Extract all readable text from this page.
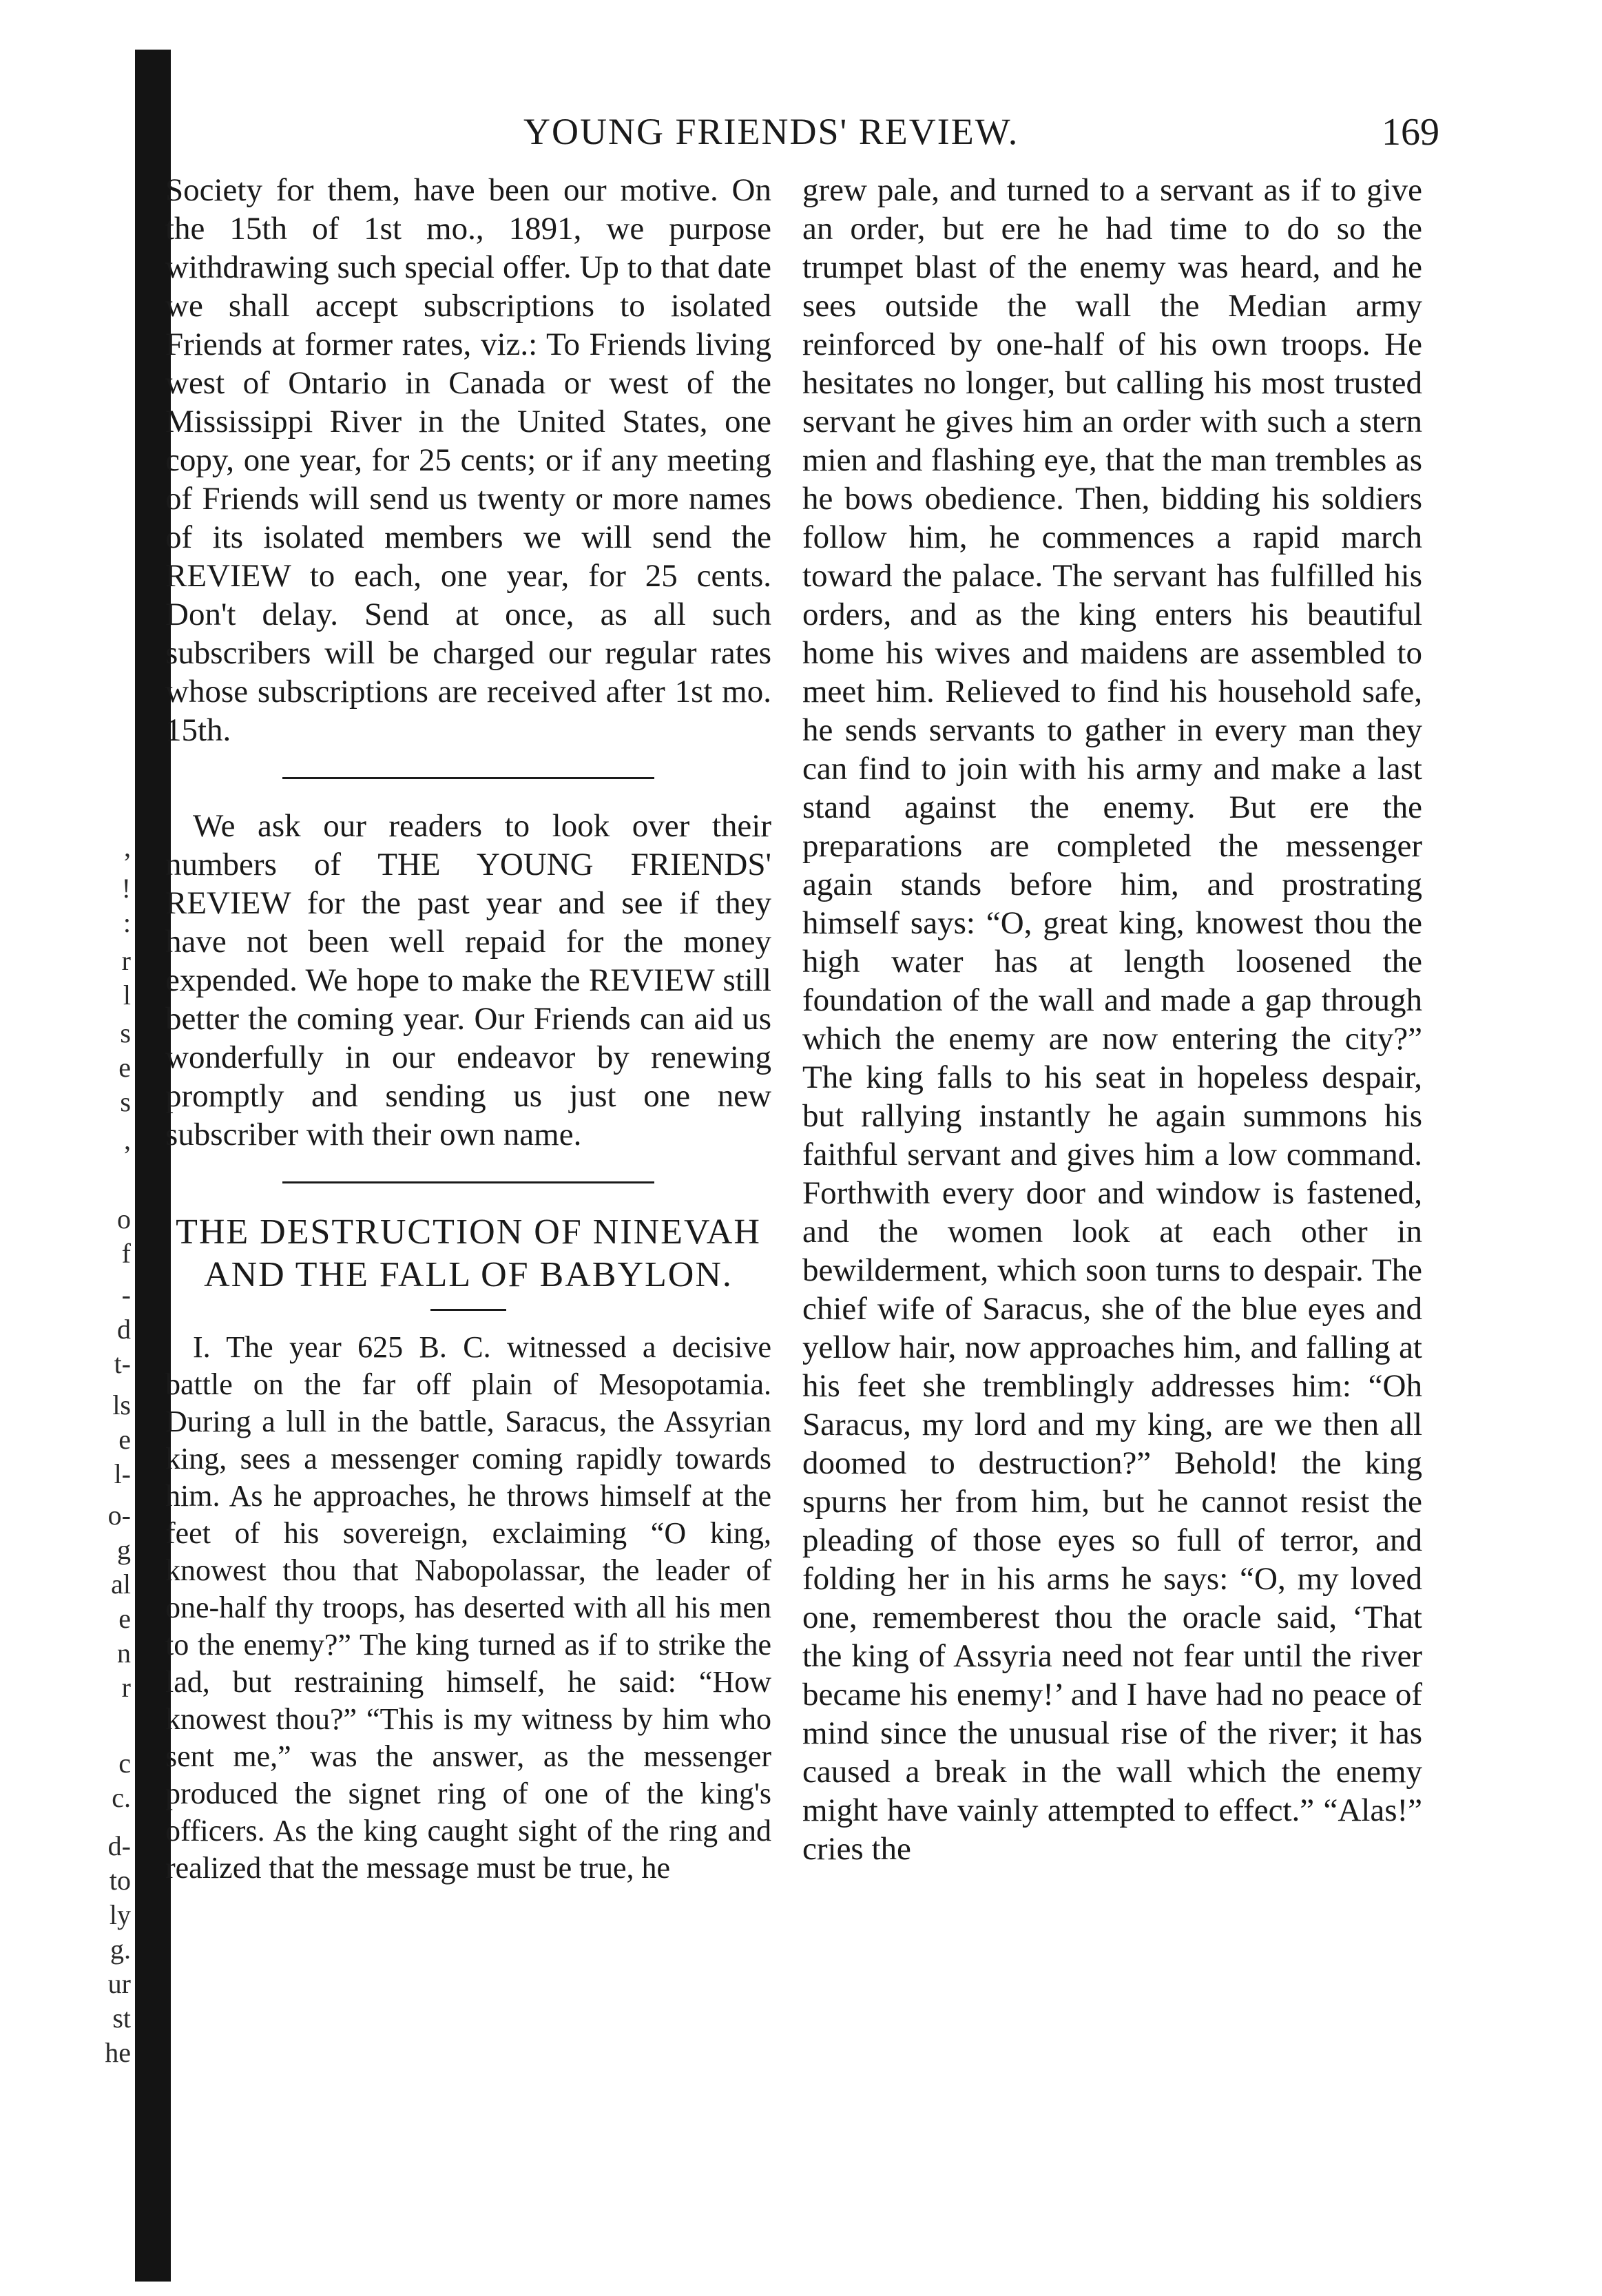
,
!
:
r
l
s
e
s
,
o
f
-
d
t-
ls
e
l-
o-
g
al
e
n
r
c
c.
d-
to
ly
g.
ur
st
he
YOUNG FRIENDS' REVIEW.	169

Society for them, have been our motive. On the 15th of 1st mo., 1891, we purpose withdrawing such special offer. Up to that date we shall accept subscriptions to isolated Friends at former rates, viz.: To Friends living west of Ontario in Canada or west of the Mississippi River in the United States, one copy, one year, for 25 cents; or if any meeting of Friends will send us twenty or more names of its isolated members we will send the REVIEW to each, one year, for 25 cents. Don't delay. Send at once, as all such subscribers will be charged our regular rates whose subscriptions are received after 1st mo. 15th.

We ask our readers to look over their numbers of THE YOUNG FRIENDS' REVIEW for the past year and see if they have not been well repaid for the money expended. We hope to make the REVIEW still better the coming year. Our Friends can aid us wonderfully in our endeavor by renewing promptly and sending us just one new subscriber with their own name.

THE DESTRUCTION OF NINEVAH AND THE FALL OF BABYLON.

I. The year 625 B. C. witnessed a decisive battle on the far off plain of Mesopotamia. During a lull in the battle, Saracus, the Assyrian king, sees a messenger coming rapidly towards him. As he approaches, he throws himself at the feet of his sovereign, exclaiming “O king, knowest thou that Nabopolassar, the leader of one-half thy troops, has deserted with all his men to the enemy?” The king turned as if to strike the lad, but restraining himself, he said: “How knowest thou?” “This is my witness by him who sent me,” was the answer, as the messenger produced the signet ring of one of the king's officers. As the king caught sight of the ring and realized that the message must be true, he

grew pale, and turned to a servant as if to give an order, but ere he had time to do so the trumpet blast of the enemy was heard, and he sees outside the wall the Median army reinforced by one-half of his own troops. He hesitates no longer, but calling his most trusted servant he gives him an order with such a stern mien and flashing eye, that the man trembles as he bows obedience. Then, bidding his soldiers follow him, he commences a rapid march toward the palace. The servant has fulfilled his orders, and as the king enters his beautiful home his wives and maidens are assembled to meet him. Relieved to find his household safe, he sends servants to gather in every man they can find to join with his army and make a last stand against the enemy. But ere the preparations are completed the messenger again stands before him, and prostrating himself says: “O, great king, knowest thou the high water has at length loosened the foundation of the wall and made a gap through which the enemy are now entering the city?” The king falls to his seat in hopeless despair, but rallying instantly he again summons his faithful servant and gives him a low command. Forthwith every door and window is fastened, and the women look at each other in bewilderment, which soon turns to despair. The chief wife of Saracus, she of the blue eyes and yellow hair, now approaches him, and falling at his feet she tremblingly addresses him: “Oh Saracus, my lord and my king, are we then all doomed to destruction?” Behold! the king spurns her from him, but he cannot resist the pleading of those eyes so full of terror, and folding her in his arms he says: “O, my loved one, rememberest thou the oracle said, ‘That the king of Assyria need not fear until the river became his enemy!’ and I have had no peace of mind since the unusual rise of the river; it has caused a break in the wall which the enemy might have vainly attempted to effect.” “Alas!” cries the
